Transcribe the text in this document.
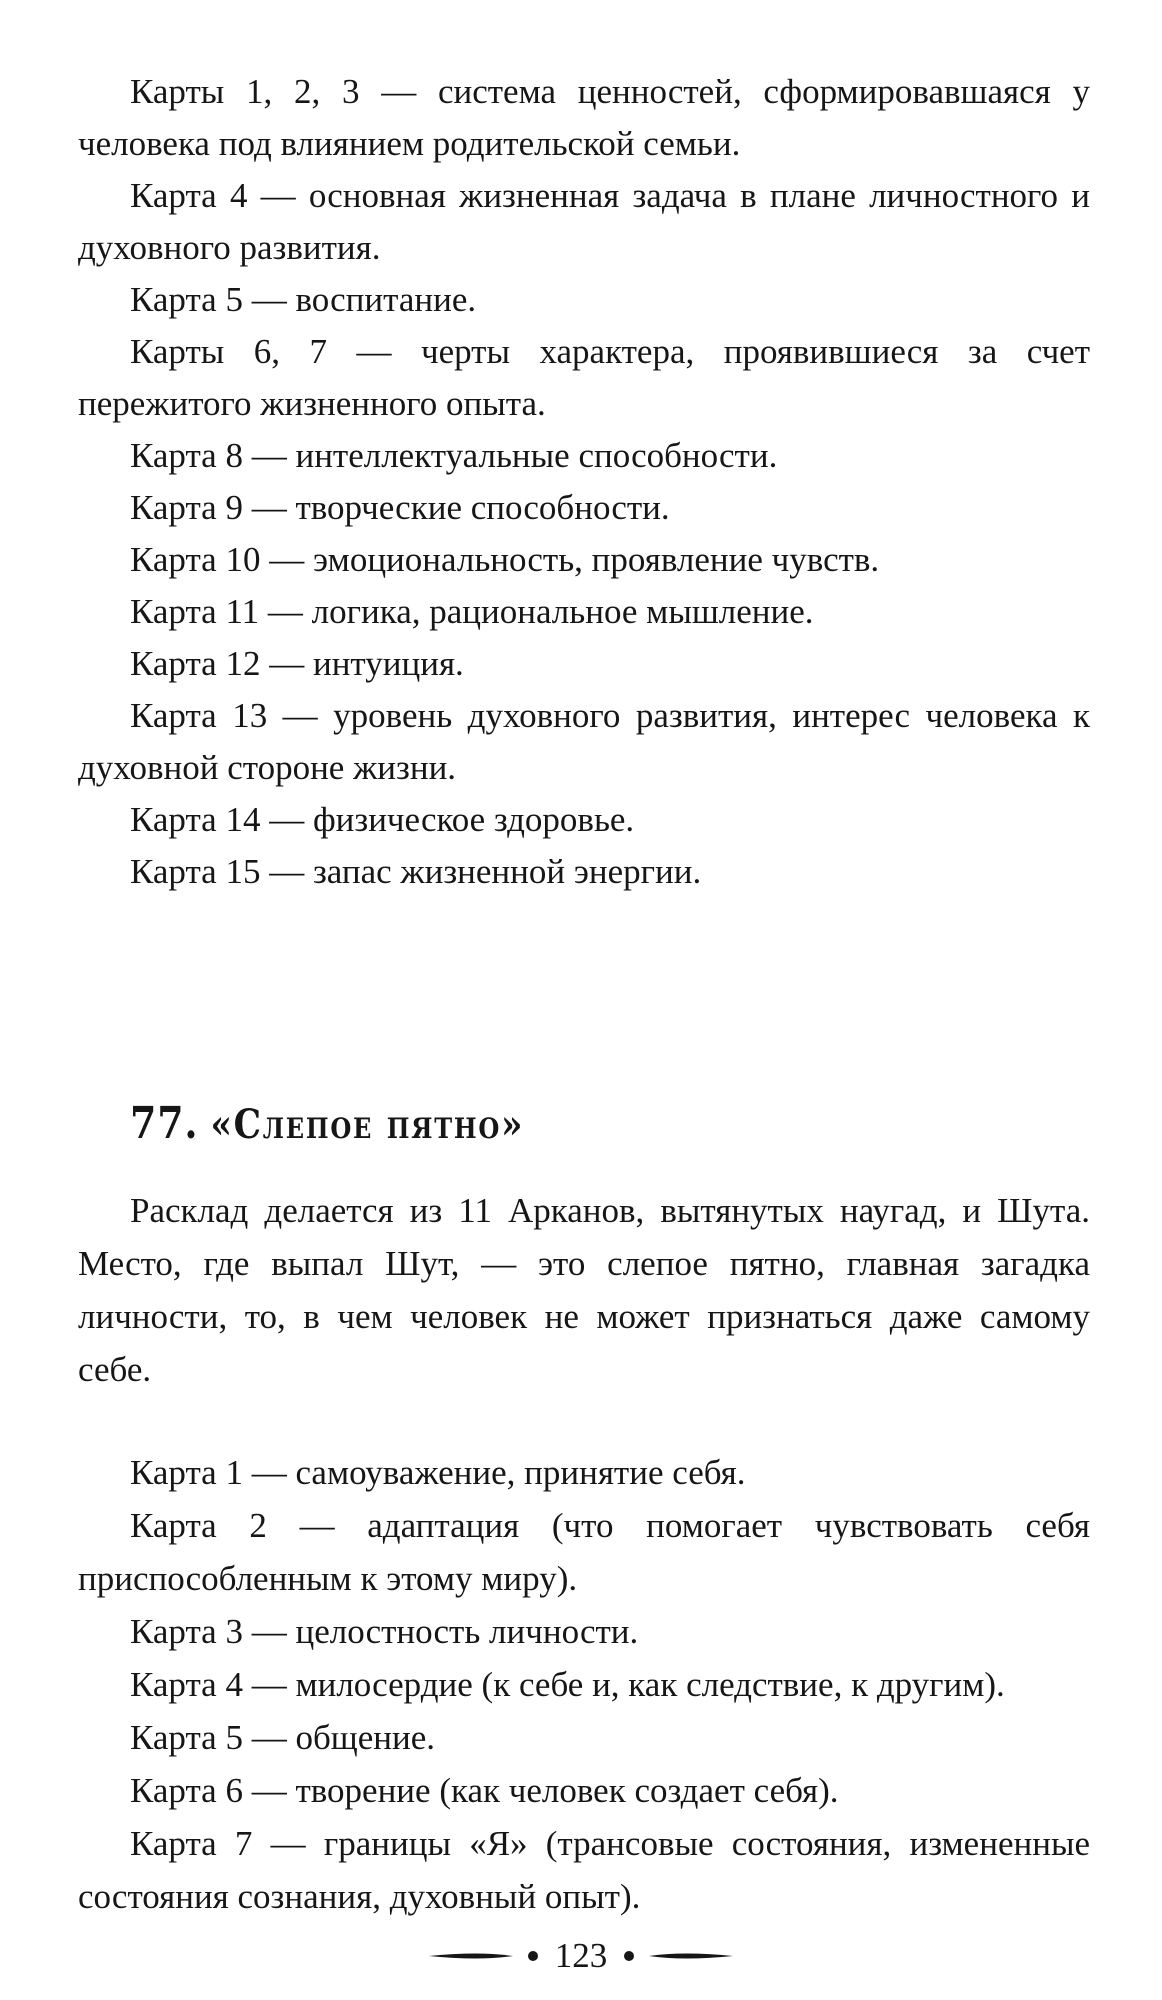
Карты 1, 2, 3 — система ценностей, сформировавшаяся у человека под влиянием родительской семьи.

Карта 4 — основная жизненная задача в плане личностного и духовного развития.

Карта 5 — воспитание.

Карты 6, 7 — черты характера, проявившиеся за счет пережитого жизненного опыта.

Карта 8 — интеллектуальные способности.

Карта 9 — творческие способности.

Карта 10 — эмоциональность, проявление чувств.

Карта 11 — логика, рациональное мышление.

Карта 12 — интуиция.

Карта 13 — уровень духовного развития, интерес человека к духовной стороне жизни.

Карта 14 — физическое здоровье.

Карта 15 — запас жизненной энергии.

77. «Слепое пятно»

Расклад делается из 11 Арканов, вытянутых наугад, и Шута. Место, где выпал Шут, — это слепое пятно, главная загадка личности, то, в чем человек не может признаться даже самому себе.

Карта 1 — самоуважение, принятие себя.

Карта 2 — адаптация (что помогает чувствовать себя приспособленным к этому миру).

Карта 3 — целостность личности.

Карта 4 — милосердие (к себе и, как следствие, к другим).

Карта 5 — общение.

Карта 6 — творение (как человек создает себя).

Карта 7 — границы «Я» (трансовые состояния, измененные состояния сознания, духовный опыт).

123
